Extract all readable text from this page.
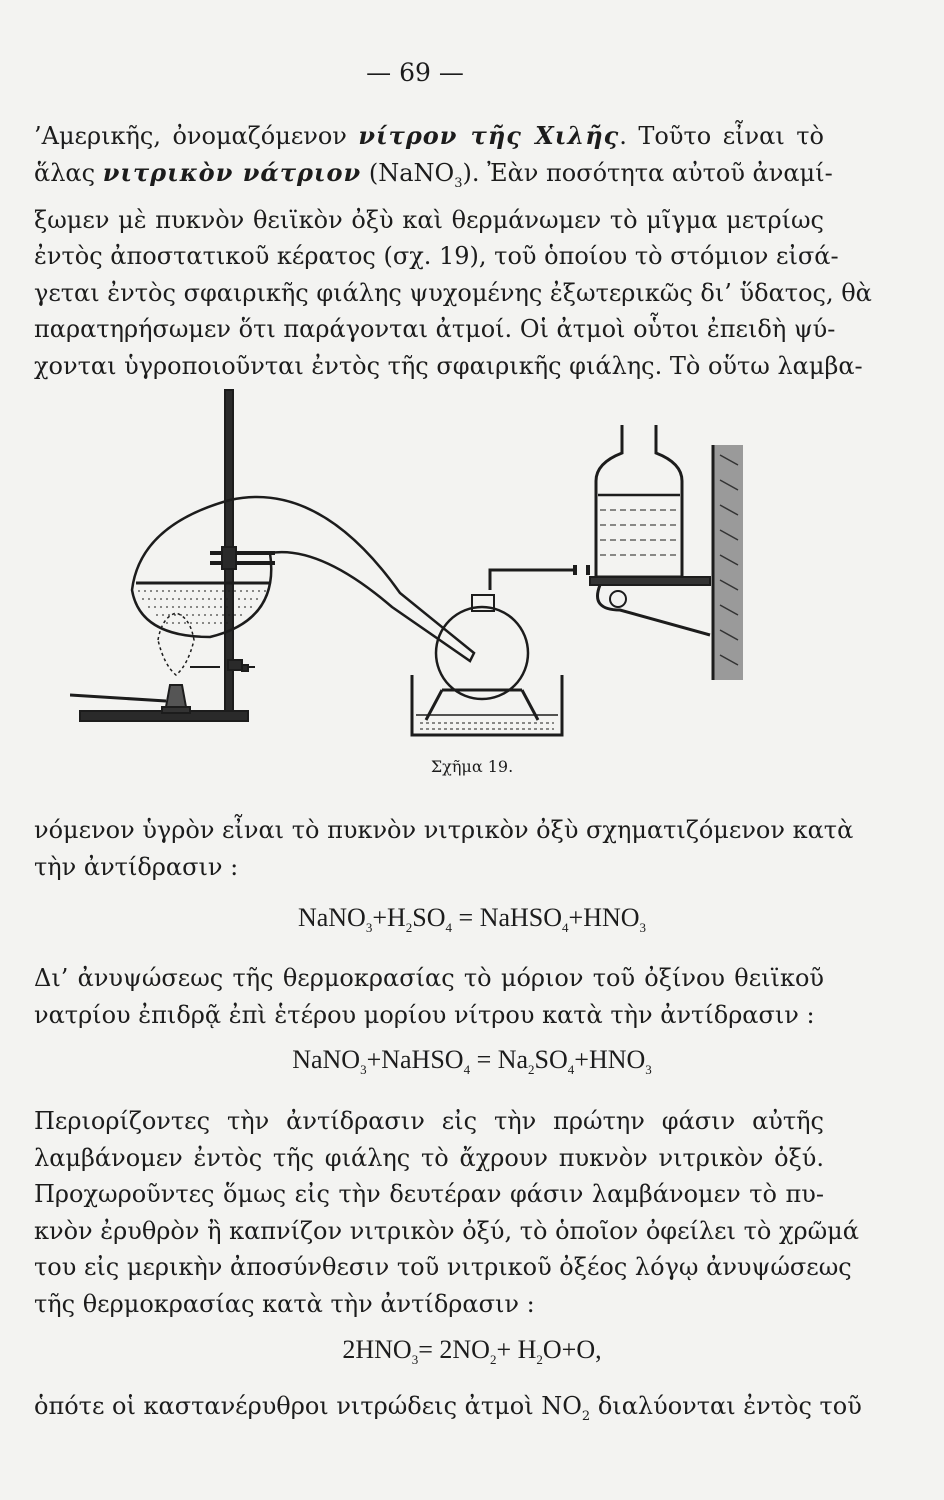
— 69 —
’Αμερικῆς, ὀνομαζόμενον νίτρον τῆς Χιλῆς. Τοῦτο εἶναι τὸ
ἅλας νιτρικὸν νάτριον (NaNO$_3$). Ἐὰν ποσότητα αὐτοῦ ἀναμί-
ξωμεν μὲ πυκνὸν θειϊκὸν ὀξὺ καὶ θερμάνωμεν τὸ μῖγμα μετρίως
ἐντὸς ἀποστατικοῦ κέρατος (σχ. 19), τοῦ ὁποίου τὸ στόμιον εἰσά-
γεται ἐντὸς σφαιρικῆς φιάλης ψυχομένης ἐξωτερικῶς δι’ ὕδατος, θὰ
παρατηρήσωμεν ὅτι παράγονται ἀτμοί. Οἱ ἀτμοὶ οὗτοι ἐπειδὴ ψύ-
χονται ὑγροποιοῦνται ἐντὸς τῆς σφαιρικῆς φιάλης. Τὸ οὕτω λαμβα-
Σχῆμα 19.
νόμενον ὑγρὸν εἶναι τὸ πυκνὸν νιτρικὸν ὀξὺ σχηματιζόμενον κατὰ
τὴν ἀντίδρασιν :
$NaNO_3+H_2SO_4$ = $NaHSO_4+HNO_3$
Δι’ ἀνυψώσεως τῆς θερμοκρασίας τὸ μόριον τοῦ ὀξίνου θειϊκοῦ
νατρίου ἐπιδρᾷ ἐπὶ ἑτέρου μορίου νίτρου κατὰ τὴν ἀντίδρασιν :
NaNO$_3$+NaHSO$_4$ = $Na_2SO_4+HNO_3$
Περιορίζοντες τὴν ἀντίδρασιν εἰς τὴν πρώτην φάσιν αὐτῆς
λαμβάνομεν ἐντὸς τῆς φιάλης τὸ ἄχρουν πυκνὸν νιτρικὸν ὀξύ.
Προχωροῦντες ὅμως εἰς τὴν δευτέραν φάσιν λαμβάνομεν τὸ πυ-
κνὸν ἐρυθρὸν ἢ καπνίζον νιτρικὸν ὀξύ, τὸ ὁποῖον ὀφείλει τὸ χρῶμά
του εἰς μερικὴν ἀποσύνθεσιν τοῦ νιτρικοῦ ὀξέος λόγῳ ἀνυψώσεως
τῆς θερμοκρασίας κατὰ τὴν ἀντίδρασιν :
$2HNO_3= 2NO_2+ H_2O+O$,
ὁπότε οἱ καστανέρυθροι νιτρώδεις ἀτμοὶ $NO_2$ διαλύονται ἐντὸς τοῦ
